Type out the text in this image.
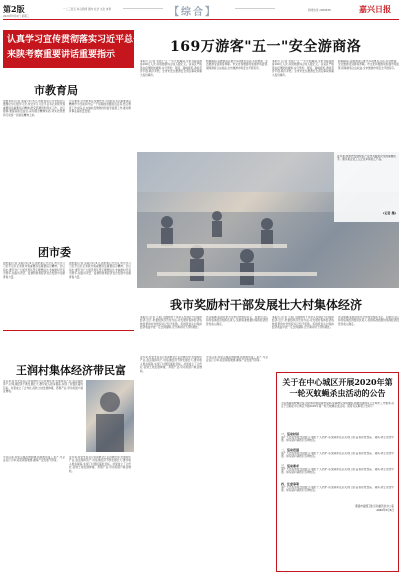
第2版
2020年5月6日 星期三
一二三四五 综合新闻 国内 社会 文化 体育	【综合】	新闻热线 2068838	嘉兴日报
认真学习宣传贯彻落实习近平总书记
来陕考察重要讲话重要指示
市教育局
市教育局(记者 周锐) 5月5日,市教育局召开党组会议暨理论中心组学习会,传达学习习近平总书记来陕考察重要讲话重要指示精神,研究部署贯彻落实工作。会议强调,要提高政治站位,深刻领会精神实质,切实把思想和行动统一到讲话精神上来。
会议要求,全市教育系统要把学习贯彻总书记重要讲话精神作为当前和今后一个时期的首要政治任务,结合教育工作实际,扎实做好疫情防控和复学复课工作,推动教育事业高质量发展。
团市委
团市委(记者 张颖) 5月4日,团市委召开会议,传达学习习近平总书记来陕考察重要讲话重要指示精神。会议指出,要引导广大团员青年坚定理想信念,争做新时代有为青年,在脱贫攻坚、疫情防控和经济社会发展中贡献青春力量。
团市委(记者 张颖) 5月4日,团市委召开会议,传达学习习近平总书记来陕考察重要讲话重要指示精神。会议指出,要引导广大团员青年坚定理想信念,争做新时代有为青年,在脱贫攻坚、疫情防控和经济社会发展中贡献青春力量。
169万游客"五一"安全游商洛
本报讯 (记者 吴晨) "五一"小长假期间,全市共接待游客169万人次,实现旅游综合收入数亿元。各景区严格落实疫情防控措施,实行预约、限流、错峰游览,游客量价平稳,秩序井然。全市未发生旅游安全责任事故和重大投诉事件。
假期期间,各旅游景区推出多项惠民活动,乡村旅游、生态旅游受到游客青睐。市文化和旅游局加强市场监管,保障游客合法权益,全市旅游市场安全平稳有序。
本报讯 (记者 吴晨) "五一"小长假期间,全市共接待游客169万人次,实现旅游综合收入数亿元。各景区严格落实疫情防控措施,实行预约、限流、错峰游览,游客量价平稳,秩序井然。全市未发生旅游安全责任事故和重大投诉事件。
假期期间,各旅游景区推出多项惠民活动,乡村旅游、生态旅游受到游客青睐。市文化和旅游局加强市场监管,保障游客合法权益,全市旅游市场安全平稳有序。
近年来,我市把发展特色产业作为脱贫攻坚的重要抓手。图为某企业工人正在车间加工产品。
(记者 摄)
我市奖励村干部发展壮大村集体经济
本报讯 (记者 王莉) 为鼓励村干部带头发展壮大村集体经济,近日,市委组织部出台办法,对发展村集体经济成效显著的村党组织书记给予奖励。奖励资金从村集体经济收益中按一定比例提取,充分调动村干部积极性。
办法明确,奖励对象为全市村党组织书记、村委会主任和村集体经济组织负责人,奖励标准根据村集体经济经营性收入确定。
本报讯 (记者 王莉) 为鼓励村干部带头发展壮大村集体经济,近日,市委组织部出台办法,对发展村集体经济成效显著的村党组织书记给予奖励。奖励资金从村集体经济收益中按一定比例提取,充分调动村干部积极性。
办法明确,奖励对象为全市村党组织书记、村委会主任和村集体经济组织负责人,奖励标准根据村集体经济经营性收入确定。
王润村集体经济带民富
近年来,村党支部书记带领群众立足资源优势,发展特色产业,盘活集体资产,村集体经济不断发展壮大,群众收入稳步提高,实现了村强民富的目标。村里成立了合作社,流转土地发展种植、养殖产业,带动贫困户就业增收。
今年以来,村里克服疫情影响,积极组织复工复产,与企业签订订单,拓宽销售渠道,确保产业发展不停步。
近年来,村党支部书记带领群众立足资源优势,发展特色产业,盘活集体资产,村集体经济不断发展壮大,群众收入稳步提高,实现了村强民富的目标。村里成立了合作社,流转土地发展种植、养殖产业,带动贫困户就业增收。
近年来,村党支部书记带领群众立足资源优势,发展特色产业,盘活集体资产,村集体经济不断发展壮大,群众收入稳步提高,实现了村强民富的目标。村里成立了合作社,流转土地发展种植、养殖产业,带动贫困户就业增收。
今年以来,村里克服疫情影响,积极组织复工复产,与企业签订订单,拓宽销售渠道,确保产业发展不停步。
关于在中心城区开展2020年第一轮灭蚊蝇杀虫活动的公告
为有效降低蚊蝇密度,预防和控制虫媒传染病,保障群众身体健康,根据创建国家卫生城市工作要求,决定于近期在中心城区开展2020年第一轮灭蚊蝇杀虫活动。现将有关事项公告如下:
一、活动时间
请广大市民积极支持配合,做好个人防护,杀虫期间注意关闭门窗,妥善存放食品、餐具,防止误食中毒。如有疑问请拨打咨询电话。
二、活动范围
请广大市民积极支持配合,做好个人防护,杀虫期间注意关闭门窗,妥善存放食品、餐具,防止误食中毒。如有疑问请拨打咨询电话。
三、活动要求
请广大市民积极支持配合,做好个人防护,杀虫期间注意关闭门窗,妥善存放食品、餐具,防止误食中毒。如有疑问请拨打咨询电话。
四、注意事项
请广大市民积极支持配合,做好个人防护,杀虫期间注意关闭门窗,妥善存放食品、餐具,防止误食中毒。如有疑问请拨打咨询电话。
商洛市爱国卫生运动委员会办公室
2020年5月6日
